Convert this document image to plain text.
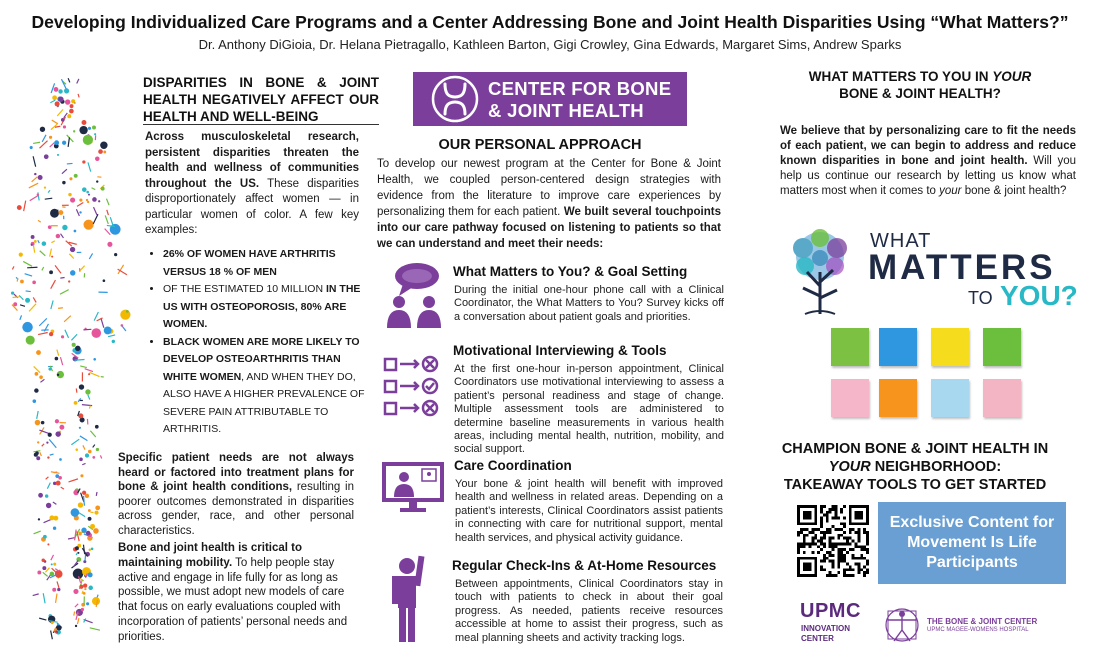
Developing Individualized Care Programs and a Center Addressing Bone and Joint Health Disparities Using “What Matters?”
Dr. Anthony DiGioia, Dr. Helana Pietragallo, Kathleen Barton, Gigi Crowley, Gina Edwards, Margaret Sims, Andrew Sparks
DISPARITIES IN BONE & JOINT HEALTH NEGATIVELY AFFECT OUR HEALTH AND WELL-BEING
Across musculoskeletal research, persistent disparities threaten the health and wellness of communities throughout the US. These disparities disproportionately affect women — in particular women of color. A few key examples:
• 26% OF WOMEN HAVE ARTHRITIS VERSUS 18 % OF MEN
• OF THE ESTIMATED 10 MILLION IN THE US WITH OSTEOPOROSIS, 80% ARE WOMEN.
• BLACK WOMEN ARE MORE LIKELY TO DEVELOP OSTEOARTHRITIS THAN WHITE WOMEN, AND WHEN THEY DO, ALSO HAVE A HIGHER PREVALENCE OF SEVERE PAIN ATTRIBUTABLE TO ARTHRITIS.
Specific patient needs are not always heard or factored into treatment plans for bone & joint health conditions, resulting in poorer outcomes demonstrated in disparities across gender, race, and other personal characteristics.
Bone and joint health is critical to maintaining mobility. To help people stay active and engage in life fully for as long as possible, we must adopt new models of care that focus on early evaluations coupled with incorporation of patients’ personal needs and priorities.
CENTER FOR BONE
& JOINT HEALTH
OUR PERSONAL APPROACH
To develop our newest program at the Center for Bone & Joint Health, we coupled person-centered design strategies with evidence from the literature to improve care experiences by personalizing them for each patient. We built several touchpoints into our care pathway focused on listening to patients so that we can understand and meet their needs:
What Matters to You? & Goal Setting
During the initial one-hour phone call with a Clinical Coordinator, the What Matters to You? Survey kicks off a conversation about patient goals and priorities.
Motivational Interviewing & Tools
At the first one-hour in-person appointment, Clinical Coordinators use motivational interviewing to assess a patient’s personal readiness and stage of change. Multiple assessment tools are administered to determine baseline measurements in various health areas, including mental health, nutrition, mobility, and social support.
Care Coordination
Your bone & joint health will benefit with improved health and wellness in related areas. Depending on a patient’s interests, Clinical Coordinators assist patients in connecting with care for nutritional support, mental health services, and physical activity guidance.
Regular Check-Ins & At-Home Resources
Between appointments, Clinical Coordinators stay in touch with patients to check in about their goal progress. As needed, patients receive resources accessible at home to assist their progress, such as meal planning sheets and activity tracking logs.
WHAT MATTERS TO YOU IN YOUR
BONE & JOINT HEALTH?
We believe that by personalizing care to fit the needs of each patient, we can begin to address and reduce known disparities in bone and joint health. Will you help us continue our research by letting us know what matters most when it comes to your bone & joint health?
WHAT
MATTERS
TO YOU?
CHAMPION BONE & JOINT HEALTH IN
YOUR NEIGHBORHOOD:
TAKEAWAY TOOLS TO GET STARTED
Exclusive Content for Movement Is Life Participants
UPMC
INNOVATION CENTER
THE BONE & JOINT CENTER
UPMC MAGEE-WOMENS HOSPITAL
